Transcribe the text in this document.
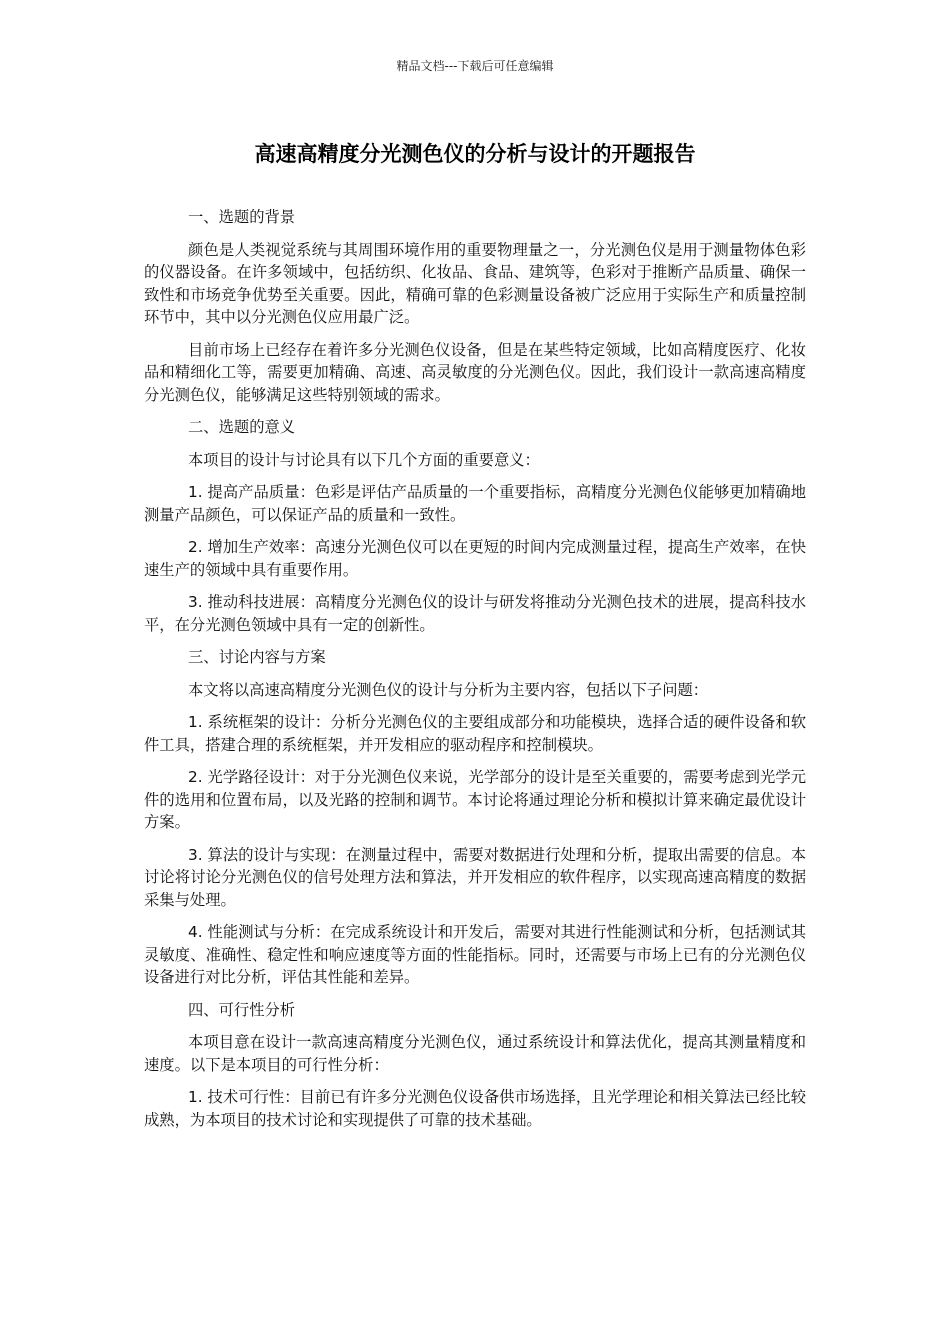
精品文档---下载后可任意编辑
高速高精度分光测色仪的分析与设计的开题报告

一、选题的背景

颜色是人类视觉系统与其周围环境作用的重要物理量之一，分光测色仪是用于测量物体色彩的仪器设备。在许多领域中，包括纺织、化妆品、食品、建筑等，色彩对于推断产品质量、确保一致性和市场竞争优势至关重要。因此，精确可靠的色彩测量设备被广泛应用于实际生产和质量控制环节中，其中以分光测色仪应用最广泛。

目前市场上已经存在着许多分光测色仪设备，但是在某些特定领域，比如高精度医疗、化妆品和精细化工等，需要更加精确、高速、高灵敏度的分光测色仪。因此，我们设计一款高速高精度分光测色仪，能够满足这些特别领域的需求。

二、选题的意义

本项目的设计与讨论具有以下几个方面的重要意义：

1. 提高产品质量：色彩是评估产品质量的一个重要指标，高精度分光测色仪能够更加精确地测量产品颜色，可以保证产品的质量和一致性。

2. 增加生产效率：高速分光测色仪可以在更短的时间内完成测量过程，提高生产效率，在快速生产的领域中具有重要作用。

3. 推动科技进展：高精度分光测色仪的设计与研发将推动分光测色技术的进展，提高科技水平，在分光测色领域中具有一定的创新性。

三、讨论内容与方案

本文将以高速高精度分光测色仪的设计与分析为主要内容，包括以下子问题：

1. 系统框架的设计：分析分光测色仪的主要组成部分和功能模块，选择合适的硬件设备和软件工具，搭建合理的系统框架，并开发相应的驱动程序和控制模块。

2. 光学路径设计：对于分光测色仪来说，光学部分的设计是至关重要的，需要考虑到光学元件的选用和位置布局，以及光路的控制和调节。本讨论将通过理论分析和模拟计算来确定最优设计方案。

3. 算法的设计与实现：在测量过程中，需要对数据进行处理和分析，提取出需要的信息。本讨论将讨论分光测色仪的信号处理方法和算法，并开发相应的软件程序，以实现高速高精度的数据采集与处理。

4. 性能测试与分析：在完成系统设计和开发后，需要对其进行性能测试和分析，包括测试其灵敏度、准确性、稳定性和响应速度等方面的性能指标。同时，还需要与市场上已有的分光测色仪设备进行对比分析，评估其性能和差异。

四、可行性分析

本项目意在设计一款高速高精度分光测色仪，通过系统设计和算法优化，提高其测量精度和速度。以下是本项目的可行性分析：

1. 技术可行性：目前已有许多分光测色仪设备供市场选择，且光学理论和相关算法已经比较成熟，为本项目的技术讨论和实现提供了可靠的技术基础。
